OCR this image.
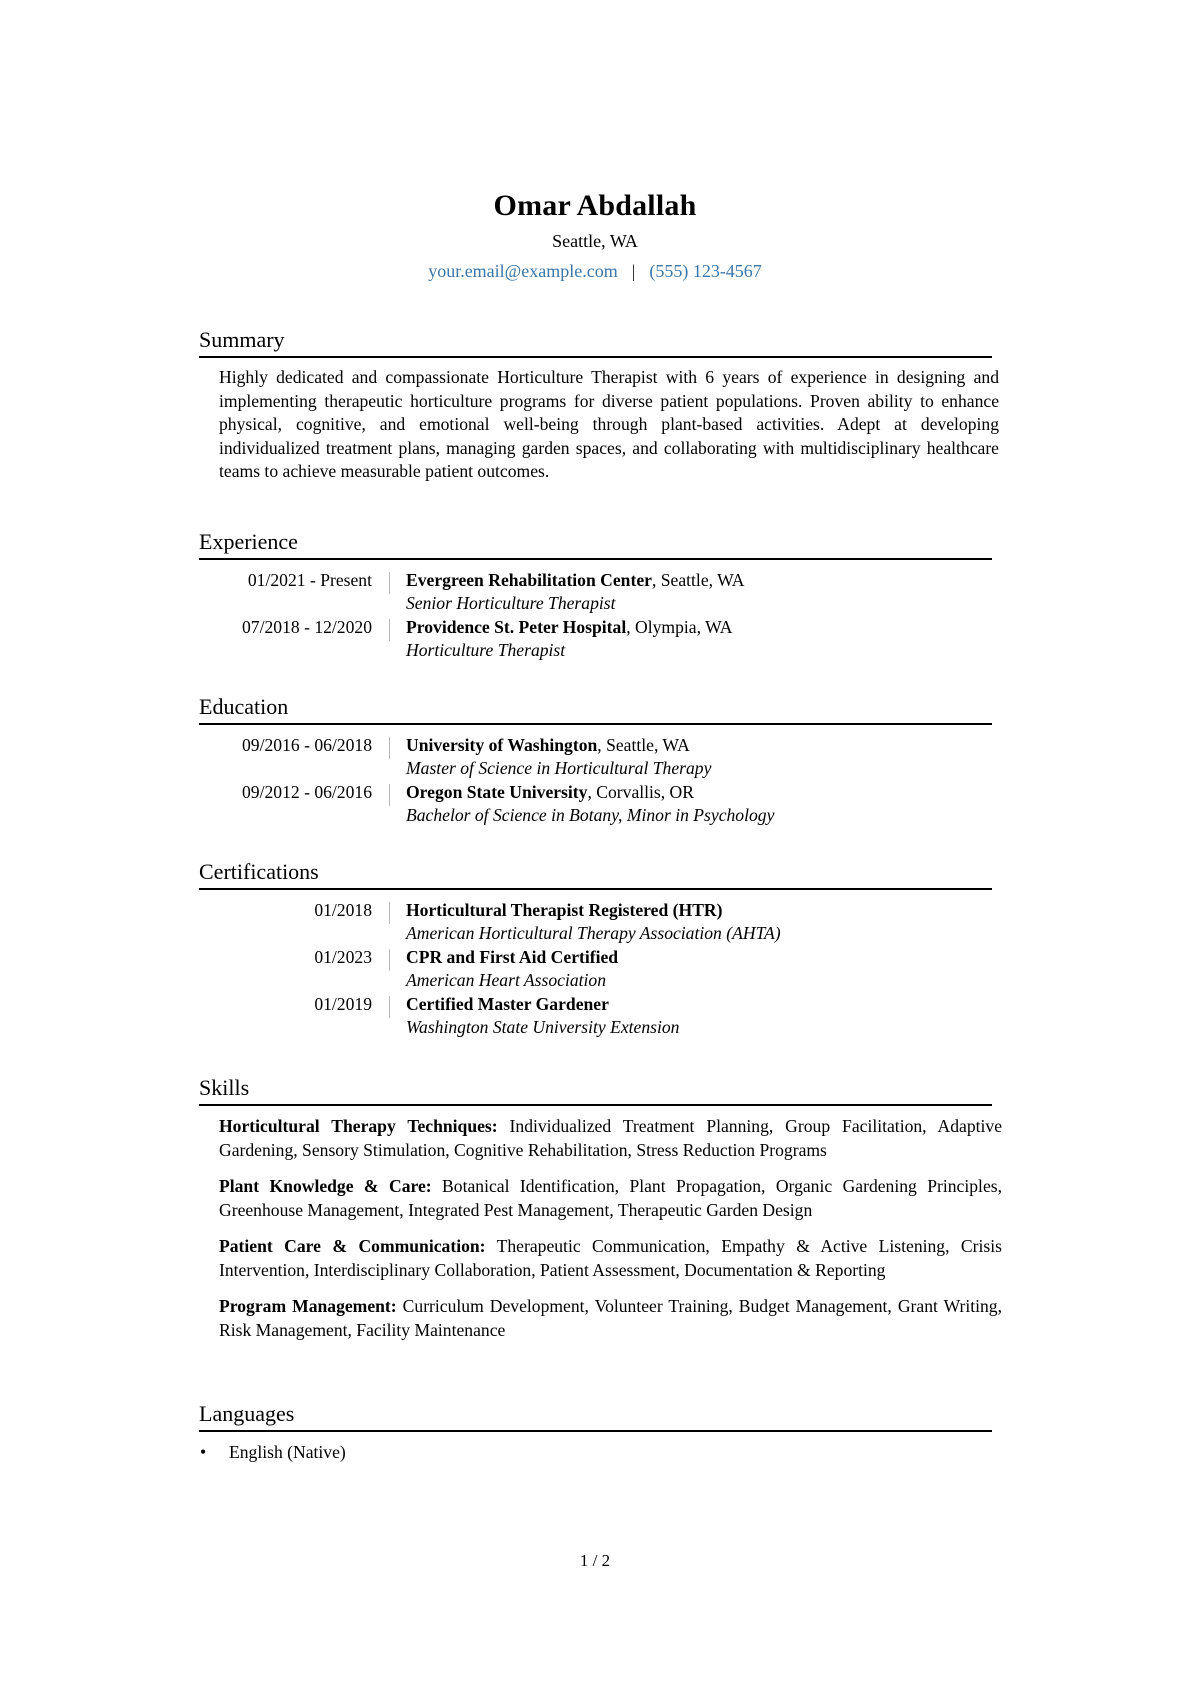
Omar Abdallah
Seattle, WA
your.email@example.com | (555) 123-4567
Summary

Highly dedicated and compassionate Horticulture Therapist with 6 years of experience in designing and implementing therapeutic horticulture programs for diverse patient populations. Proven ability to enhance physical, cognitive, and emotional well-being through plant-based activities. Adept at developing individualized treatment plans, managing garden spaces, and collaborating with multidisciplinary healthcare teams to achieve measurable patient outcomes.

Experience
01/2021 - Present Evergreen Rehabilitation Center, Seattle, WA
Senior Horticulture Therapist
07/2018 - 12/2020 Providence St. Peter Hospital, Olympia, WA
Horticulture Therapist
Education
09/2016 - 06/2018 University of Washington, Seattle, WA
Master of Science in Horticultural Therapy
09/2012 - 06/2016 Oregon State University, Corvallis, OR
Bachelor of Science in Botany, Minor in Psychology
Certifications
01/2018 Horticultural Therapist Registered (HTR)
American Horticultural Therapy Association (AHTA)
01/2023 CPR and First Aid Certified
American Heart Association
01/2019 Certified Master Gardener
Washington State University Extension
Skills
Horticultural Therapy Techniques: Individualized Treatment Planning, Group Facilitation, Adaptive Gardening, Sensory Stimulation, Cognitive Rehabilitation, Stress Reduction Programs
Plant Knowledge & Care: Botanical Identification, Plant Propagation, Organic Gardening Principles, Greenhouse Management, Integrated Pest Management, Therapeutic Garden Design
Patient Care & Communication: Therapeutic Communication, Empathy & Active Listening, Crisis Intervention, Interdisciplinary Collaboration, Patient Assessment, Documentation & Reporting
Program Management: Curriculum Development, Volunteer Training, Budget Management, Grant Writing, Risk Management, Facility Maintenance
Languages
• English (Native)
1 / 2
